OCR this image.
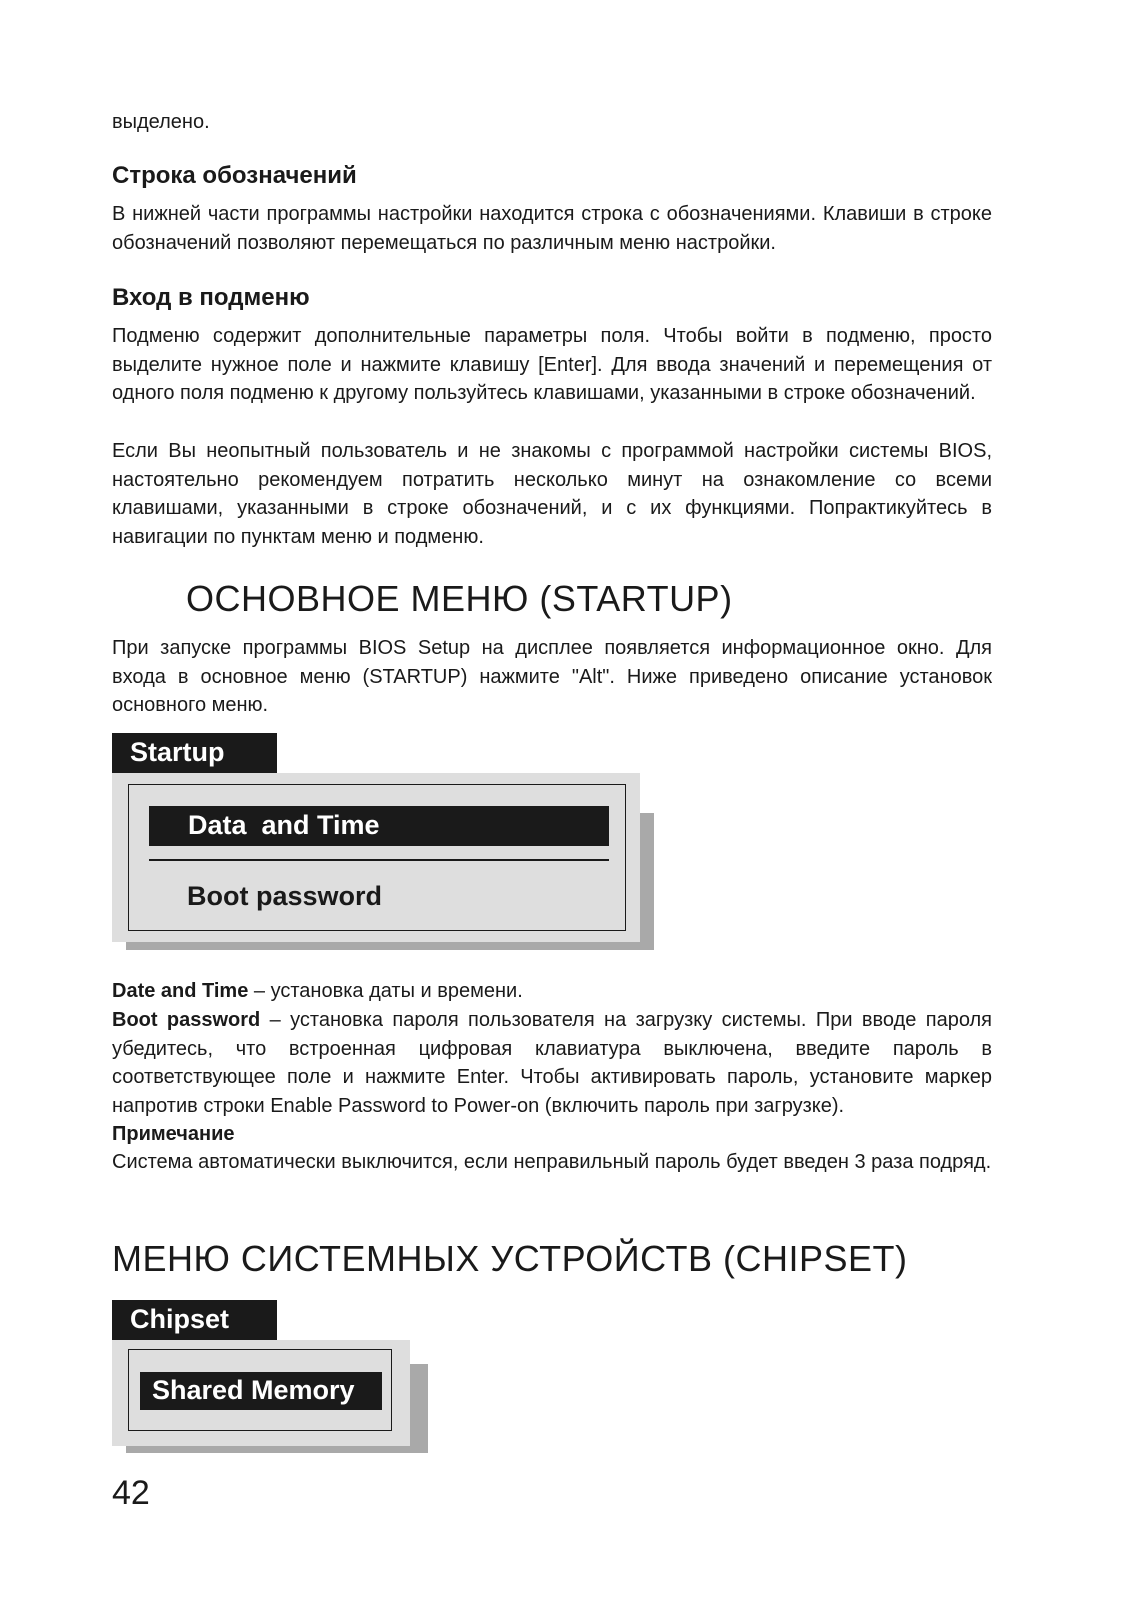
выделено.

Строка обозначений

В нижней части программы настройки находится строка с обозначениями. Клавиши в строке обозначений позволяют перемещаться по различным меню настройки.

Вход в подменю

Подменю содержит дополнительные параметры поля. Чтобы войти в подменю, просто выделите нужное поле и нажмите клавишу [Enter]. Для ввода значений и перемещения от одного поля подменю к другому пользуйтесь клавишами, указанными в строке обозначений.

Если Вы неопытный пользователь и не знакомы с программой настройки системы BIOS, настоятельно рекомендуем потратить несколько минут на ознакомление со всеми клавишами, указанными в строке обозначений, и с их функциями. Попрактикуйтесь в навигации по пунктам меню и подменю.

ОСНОВНОЕ МЕНЮ (STARTUP)

При запуске программы BIOS Setup на дисплее появляется информационное окно. Для входа в основное меню (STARTUP) нажмите "Alt". Ниже приведено описание установок основного меню.

Startup
Data  and Time
Boot password

Date and Time – установка даты и времени.

Boot password – установка пароля пользователя на загрузку системы. При вводе пароля убедитесь, что встроенная цифровая клавиатура выключена, введите пароль в соответствующее поле и нажмите Enter. Чтобы активировать пароль, установите маркер напротив строки Enable Password to Power-on (включить пароль при загрузке).

Примечание

Система автоматически выключится, если неправильный пароль будет введен 3 раза подряд.

МЕНЮ СИСТЕМНЫХ УСТРОЙСТВ (CHIPSET)
Chipset
Shared Memory
42
